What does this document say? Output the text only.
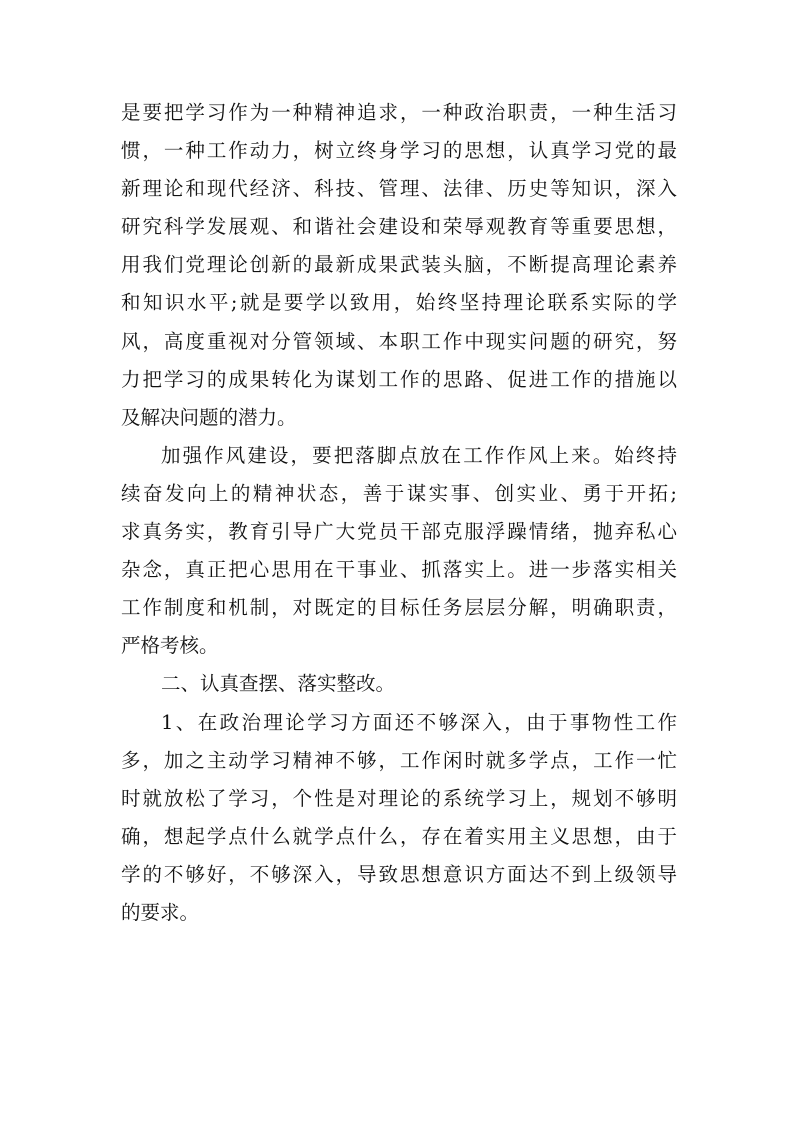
是要把学习作为一种精神追求，一种政治职责，一种生活习
惯，一种工作动力，树立终身学习的思想，认真学习党的最
新理论和现代经济、科技、管理、法律、历史等知识，深入
研究科学发展观、和谐社会建设和荣辱观教育等重要思想，
用我们党理论创新的最新成果武装头脑，不断提高理论素养
和知识水平;就是要学以致用，始终坚持理论联系实际的学
风，高度重视对分管领域、本职工作中现实问题的研究，努
力把学习的成果转化为谋划工作的思路、促进工作的措施以
及解决问题的潜力。
加强作风建设，要把落脚点放在工作作风上来。始终持
续奋发向上的精神状态，善于谋实事、创实业、勇于开拓;
求真务实，教育引导广大党员干部克服浮躁情绪，抛弃私心
杂念，真正把心思用在干事业、抓落实上。进一步落实相关
工作制度和机制，对既定的目标任务层层分解，明确职责，
严格考核。
二、认真查摆、落实整改。
1、在政治理论学习方面还不够深入，由于事物性工作
多，加之主动学习精神不够，工作闲时就多学点，工作一忙
时就放松了学习，个性是对理论的系统学习上，规划不够明
确，想起学点什么就学点什么，存在着实用主义思想，由于
学的不够好，不够深入，导致思想意识方面达不到上级领导
的要求。
